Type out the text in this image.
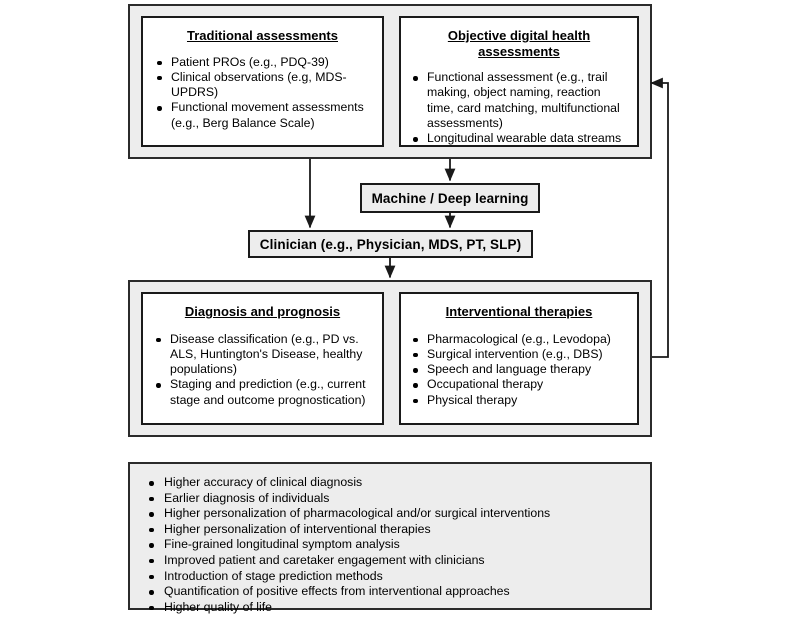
Traditional assessments
Patient PROs (e.g., PDQ-39)
Clinical observations (e.g, MDS-UPDRS)
Functional movement assessments (e.g., Berg Balance Scale)
Objective digital health assessments
Functional assessment (e.g., trail making, object naming, reaction time, card matching, multifunctional assessments)
Longitudinal wearable data streams
Machine / Deep learning
Clinician (e.g., Physician, MDS, PT, SLP)
Diagnosis and prognosis
Disease classification (e.g., PD vs. ALS, Huntington's Disease, healthy populations)
Staging and prediction (e.g., current stage and outcome prognostication)
Interventional therapies
Pharmacological (e.g., Levodopa)
Surgical intervention (e.g., DBS)
Speech and language therapy
Occupational therapy
Physical therapy
Higher accuracy of clinical diagnosis
Earlier diagnosis of individuals
Higher personalization of pharmacological and/or surgical interventions
Higher personalization of interventional therapies
Fine-grained longitudinal symptom analysis
Improved patient and caretaker engagement with clinicians
Introduction of stage prediction methods
Quantification of positive effects from interventional approaches
Higher quality of life
